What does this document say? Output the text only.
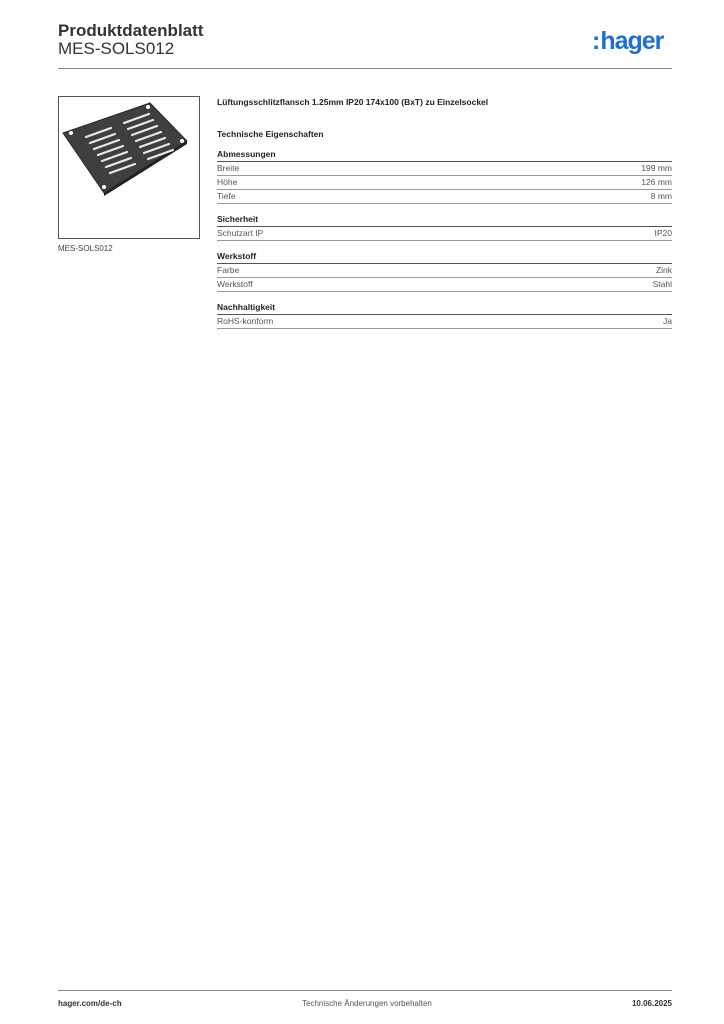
Produktdatenblatt
MES-SOLS012	:hager
MES-SOLS012
Lüftungsschlitzflansch 1.25mm IP20 174x100 (BxT) zu Einzelsockel
Technische Eigenschaften
Abmessungen
Breite	199 mm
Höhe	126 mm
Tiefe	8 mm
Sicherheit
Schutzart IP	IP20
Werkstoff
Farbe	Zink
Werkstoff	Stahl
Nachhaltigkeit
RoHS-konform	Ja
hager.com/de-ch	Technische Änderungen vorbehalten	10.06.2025
